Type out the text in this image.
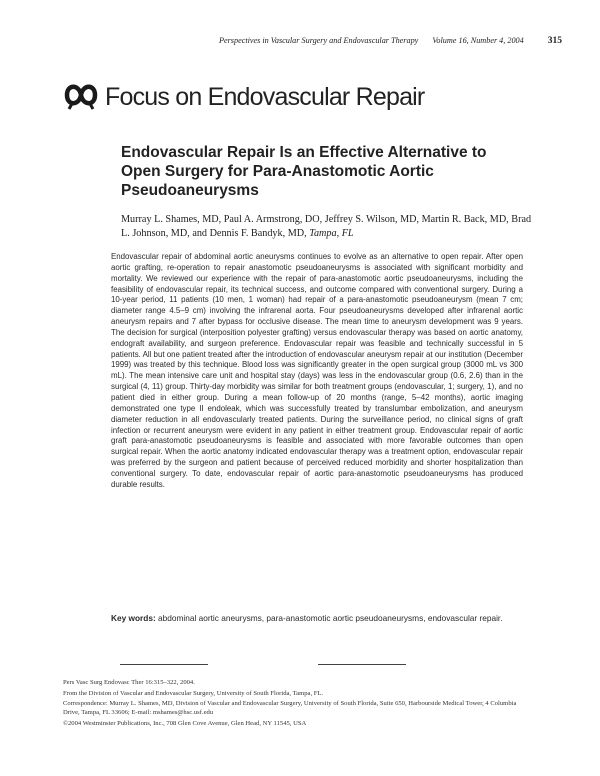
Perspectives in Vascular Surgery and Endovascular Therapy Volume 16, Number 4, 2004	315
Focus on Endovascular Repair
Endovascular Repair Is an Effective Alternative to Open Surgery for Para-Anastomotic Aortic Pseudoaneurysms
Murray L. Shames, MD, Paul A. Armstrong, DO, Jeffrey S. Wilson, MD, Martin R. Back, MD, Brad L. Johnson, MD, and Dennis F. Bandyk, MD, Tampa, FL

Endovascular repair of abdominal aortic aneurysms continues to evolve as an alternative to open repair. After open aortic grafting, re-operation to repair anastomotic pseudoaneurysms is associated with significant morbidity and mortality. We reviewed our experience with the repair of para-anastomotic aortic pseudoaneurysms, including the feasibility of endovascular repair, its technical success, and outcome compared with conventional surgery. During a 10-year period, 11 patients (10 men, 1 woman) had repair of a para-anastomotic pseudoaneurysm (mean 7 cm; diameter range 4.5–9 cm) involving the infrarenal aorta. Four pseudoaneurysms developed after infrarenal aortic aneurysm repairs and 7 after bypass for occlusive disease. The mean time to aneurysm development was 9 years. The decision for surgical (interposition polyester grafting) versus endovascular therapy was based on aortic anatomy, endograft availability, and surgeon preference. Endovascular repair was feasible and technically successful in 5 patients. All but one patient treated after the introduction of endovascular aneurysm repair at our institution (December 1999) was treated by this technique. Blood loss was significantly greater in the open surgical group (3000 mL vs 300 mL). The mean intensive care unit and hospital stay (days) was less in the endovascular group (0.6, 2.6) than in the surgical (4, 11) group. Thirty-day morbidity was similar for both treatment groups (endovascular, 1; surgery, 1), and no patient died in either group. During a mean follow-up of 20 months (range, 5–42 months), aortic imaging demonstrated one type II endoleak, which was successfully treated by translumbar embolization, and aneurysm diameter reduction in all endovascularly treated patients. During the surveillance period, no clinical signs of graft infection or recurrent aneurysm were evident in any patient in either treatment group. Endovascular repair of aortic graft para-anastomotic pseudoaneurysms is feasible and associated with more favorable outcomes than open surgical repair. When the aortic anatomy indicated endovascular therapy was a treatment option, endovascular repair was preferred by the surgeon and patient because of perceived reduced morbidity and shorter hospitalization than conventional surgery. To date, endovascular repair of aortic para-anastomotic pseudoaneurysms has produced durable results.

Key words: abdominal aortic aneurysms, para-anastomotic aortic pseudoaneurysms, endovascular repair.

Pers Vasc Surg Endovasc Ther 16:315–322, 2004.

From the Division of Vascular and Endovascular Surgery, University of South Florida, Tampa, FL.

Correspondence: Murray L. Shames, MD, Division of Vascular and Endovascular Surgery, University of South Florida, Suite 650, Harbourside Medical Tower, 4 Columbia Drive, Tampa, FL 33606; E-mail: mshames@hsc.usf.edu

©2004 Westminster Publications, Inc., 708 Glen Cove Avenue, Glen Head, NY 11545, USA
